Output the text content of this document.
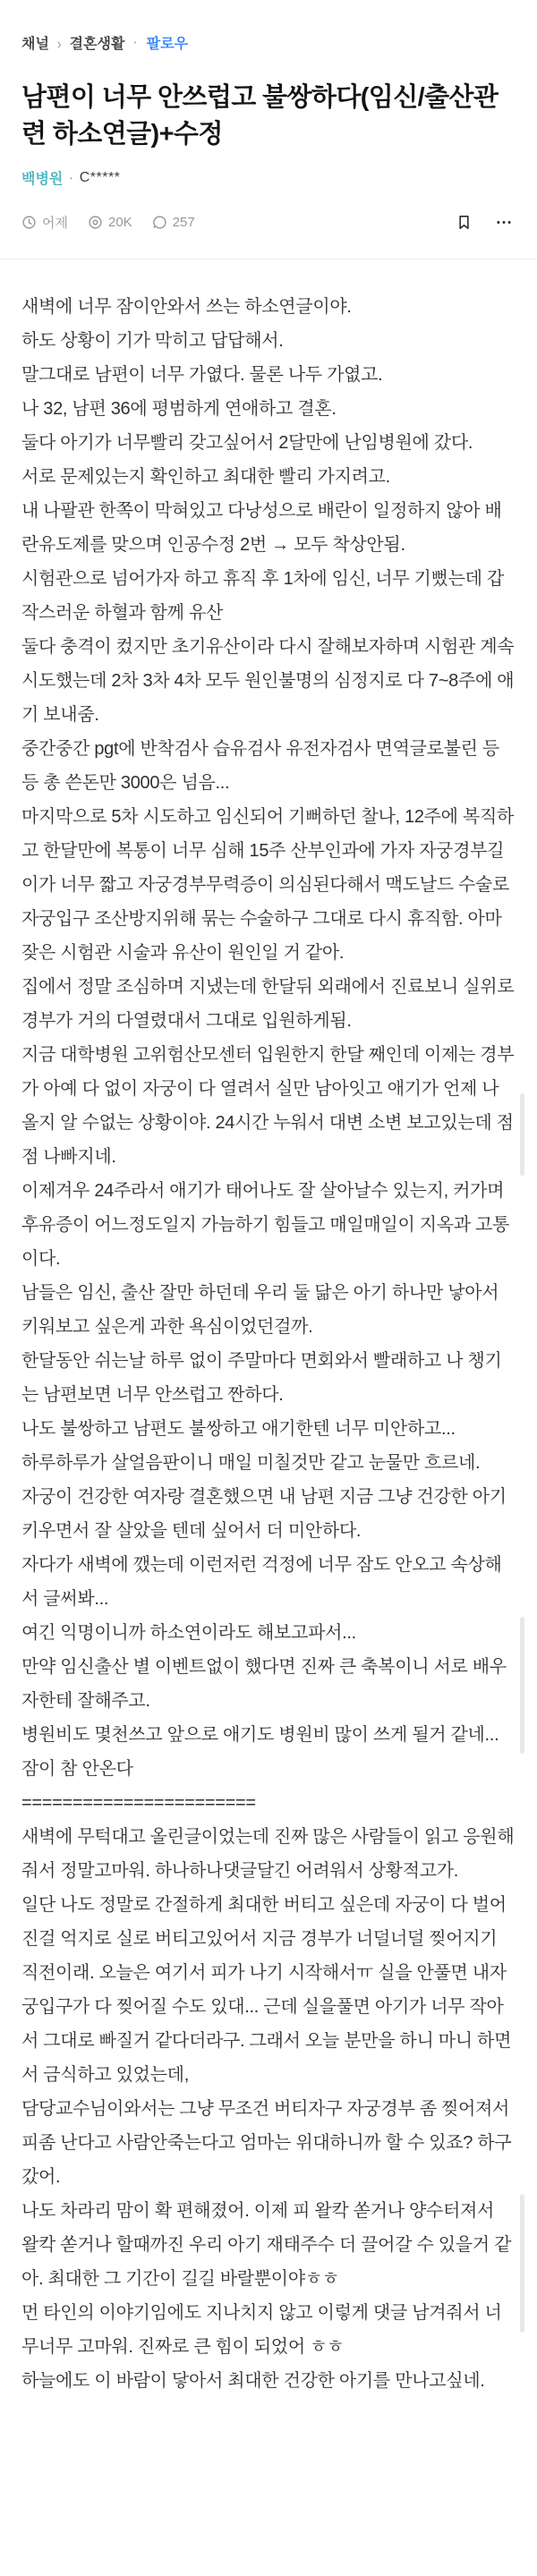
채널 › 결혼생활 · 팔로우
남편이 너무 안쓰럽고 불쌍하다(임신/출산관련 하소연글)+수정
백병원 · C*****
어제	20K	257

새벽에 너무 잠이안와서 쓰는 하소연글이야.

하도 상황이 기가 막히고 답답해서.

말그대로 남편이 너무 가엾다. 물론 나두 가엾고.

나 32, 남편 36에 평범하게 연애하고 결혼.

둘다 아기가 너무빨리 갖고싶어서 2달만에 난임병원에 갔다.

서로 문제있는지 확인하고 최대한 빨리 가지려고.

내 나팔관 한쪽이 막혀있고 다낭성으로 배란이 일정하지 않아 배란유도제를 맞으며 인공수정 2번 → 모두 착상안됨.

시험관으로 넘어가자 하고 휴직 후 1차에 임신, 너무 기뻤는데 갑작스러운 하혈과 함께 유산

둘다 충격이 컸지만 초기유산이라 다시 잘해보자하며 시험관 계속 시도했는데 2차 3차 4차 모두 원인불명의 심정지로 다 7~8주에 애기 보내줌.

중간중간 pgt에 반착검사 습유검사 유전자검사 면역글로불린 등등 총 쓴돈만 3000은 넘음...

마지막으로 5차 시도하고 임신되어 기뻐하던 찰나, 12주에 복직하고 한달만에 복통이 너무 심해 15주 산부인과에 가자 자궁경부길이가 너무 짧고 자궁경부무력증이 의심된다해서 맥도날드 수술로 자궁입구 조산방지위해 묶는 수술하구 그대로 다시 휴직함. 아마 잦은 시험관 시술과 유산이 원인일 거 같아.

집에서 정말 조심하며 지냈는데 한달뒤 외래에서 진료보니 실위로 경부가 거의 다열렸대서 그대로 입원하게됨.

지금 대학병원 고위험산모센터 입원한지 한달 째인데 이제는 경부가 아예 다 없이 자궁이 다 열려서 실만 남아잇고 애기가 언제 나올지 알 수없는 상황이야. 24시간 누워서 대변 소변 보고있는데 점점 나빠지네.

이제겨우 24주라서 애기가 태어나도 잘 살아날수 있는지, 커가며 후유증이 어느정도일지 가늠하기 힘들고 매일매일이 지옥과 고통이다.

남들은 임신, 출산 잘만 하던데 우리 둘 닮은 아기 하나만 낳아서 키워보고 싶은게 과한 욕심이었던걸까.

한달동안 쉬는날 하루 없이 주말마다 면회와서 빨래하고 나 챙기는 남편보면 너무 안쓰럽고 짠하다.

나도 불쌍하고 남편도 불쌍하고 애기한텐 너무 미안하고...

하루하루가 살얼음판이니 매일 미칠것만 같고 눈물만 흐르네.

자궁이 건강한 여자랑 결혼했으면 내 남편 지금 그냥 건강한 아기 키우면서 잘 살았을 텐데 싶어서 더 미안하다.

자다가 새벽에 깼는데 이런저런 걱정에 너무 잠도 안오고 속상해서 글써봐...

여긴 익명이니까 하소연이라도 해보고파서...

만약 임신출산 별 이벤트없이 했다면 진짜 큰 축복이니 서로 배우자한테 잘해주고.

병원비도 몇천쓰고 앞으로 애기도 병원비 많이 쓰게 될거 같네... 잠이 참 안온다

=======================

새벽에 무턱대고 올린글이었는데 진짜 많은 사람들이 읽고 응원해줘서 정말고마워. 하나하나댓글달긴 어려워서 상황적고가.

일단 나도 정말로 간절하게 최대한 버티고 싶은데 자궁이 다 벌어진걸 억지로 실로 버티고있어서 지금 경부가 너덜너덜 찢어지기 직전이래. 오늘은 여기서 피가 나기 시작해서ㅠ 실을 안풀면 내자궁입구가 다 찢어질 수도 있대... 근데 실을풀면 아기가 너무 작아서 그대로 빠질거 같다더라구. 그래서 오늘 분만을 하니 마니 하면서 금식하고 있었는데,

담당교수님이와서는 그냥 무조건 버티자구 자궁경부 좀 찢어져서 피좀 난다고 사람안죽는다고 엄마는 위대하니까 할 수 있죠? 하구 갔어.

나도 차라리 맘이 확 편해졌어. 이제 피 왈칵 쏟거나 양수터져서 왈칵 쏟거나 할때까진 우리 아기 재태주수 더 끌어갈 수 있을거 같아. 최대한 그 기간이 길길 바랄뿐이야ㅎㅎ

먼 타인의 이야기임에도 지나치지 않고 이렇게 댓글 남겨줘서 너무너무 고마워. 진짜로 큰 힘이 되었어 ㅎㅎ

하늘에도 이 바람이 닿아서 최대한 건강한 아기를 만나고싶네.
